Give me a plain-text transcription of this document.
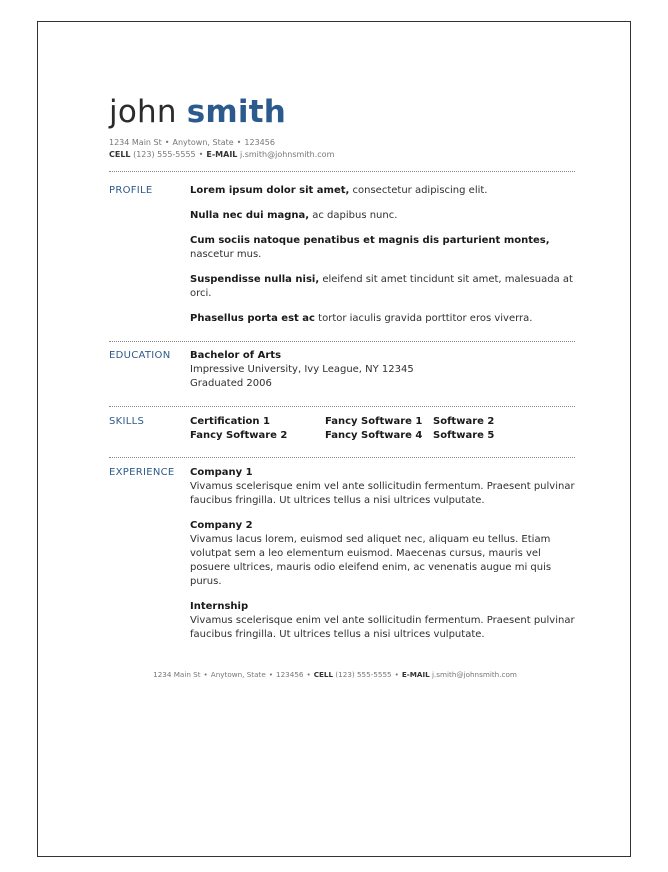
john smith
1234 Main St • Anytown, State • 123456
CELL (123) 555-5555 • E-MAIL j.smith@johnsmith.com
PROFILE	Lorem ipsum dolor sit amet, consectetur adipiscing elit.

Nulla nec dui magna, ac dapibus nunc.

Cum sociis natoque penatibus et magnis dis parturient montes, nascetur mus.

Suspendisse nulla nisi, eleifend sit amet tincidunt sit amet, malesuada at orci.

Phasellus porta est ac tortor iaculis gravida porttitor eros viverra.

EDUCATION Bachelor of Arts
Impressive University, Ivy League, NY 12345
Graduated 2006
SKILLS	Certification 1	Fancy Software 1	Software 2
Fancy Software 2	Fancy Software 4	Software 5
EXPERIENCE Company 1
Vivamus scelerisque enim vel ante sollicitudin fermentum. Praesent pulvinar faucibus fringilla. Ut ultrices tellus a nisi ultrices vulputate.
Company 2
Vivamus lacus lorem, euismod sed aliquet nec, aliquam eu tellus. Etiam volutpat sem a leo elementum euismod. Maecenas cursus, mauris vel posuere ultrices, mauris odio eleifend enim, ac venenatis augue mi quis purus.
Internship
Vivamus scelerisque enim vel ante sollicitudin fermentum. Praesent pulvinar faucibus fringilla. Ut ultrices tellus a nisi ultrices vulputate.
1234 Main St • Anytown, State • 123456 • CELL (123) 555-5555 • E-MAIL j.smith@johnsmith.com
